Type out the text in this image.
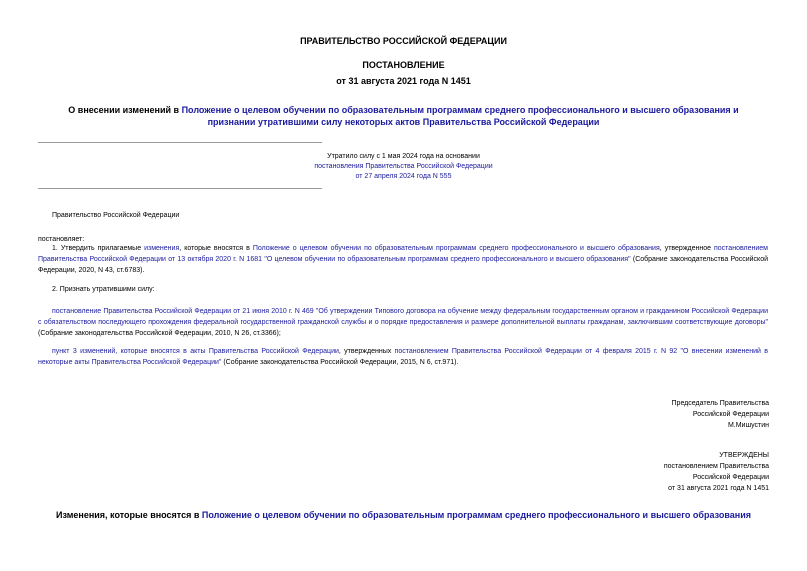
ПРАВИТЕЛЬСТВО РОССИЙСКОЙ ФЕДЕРАЦИИ
ПОСТАНОВЛЕНИЕ
от 31 августа 2021 года N 1451
О внесении изменений в Положение о целевом обучении по образовательным программам среднего профессионального и высшего образования и признании утратившими силу некоторых актов Правительства Российской Федерации
Утратило силу с 1 мая 2024 года на основании
постановления Правительства Российской Федерации
от 27 апреля 2024 года N 555
Правительство Российской Федерации
постановляет:
1. Утвердить прилагаемые изменения, которые вносятся в Положение о целевом обучении по образовательным программам среднего профессионального и высшего образования, утвержденное постановлением Правительства Российской Федерации от 13 октября 2020 г. N 1681 "О целевом обучении по образовательным программам среднего профессионального и высшего образования" (Собрание законодательства Российской Федерации, 2020, N 43, ст.6783).
2. Признать утратившими силу:
постановление Правительства Российской Федерации от 21 июня 2010 г. N 469 "Об утверждении Типового договора на обучение между федеральным государственным органом и гражданином Российской Федерации с обязательством последующего прохождения федеральной государственной гражданской службы и о порядке предоставления и размере дополнительной выплаты гражданам, заключившим соответствующие договоры" (Собрание законодательства Российской Федерации, 2010, N 26, ст.3366);
пункт 3 изменений, которые вносятся в акты Правительства Российской Федерации, утвержденных постановлением Правительства Российской Федерации от 4 февраля 2015 г. N 92 "О внесении изменений в некоторые акты Правительства Российской Федерации" (Собрание законодательства Российской Федерации, 2015, N 6, ст.971).
Председатель Правительства
Российской Федерации
М.Мишустин
УТВЕРЖДЕНЫ
постановлением Правительства
Российской Федерации
от 31 августа 2021 года N 1451
Изменения, которые вносятся в Положение о целевом обучении по образовательным программам среднего профессионального и высшего образования
